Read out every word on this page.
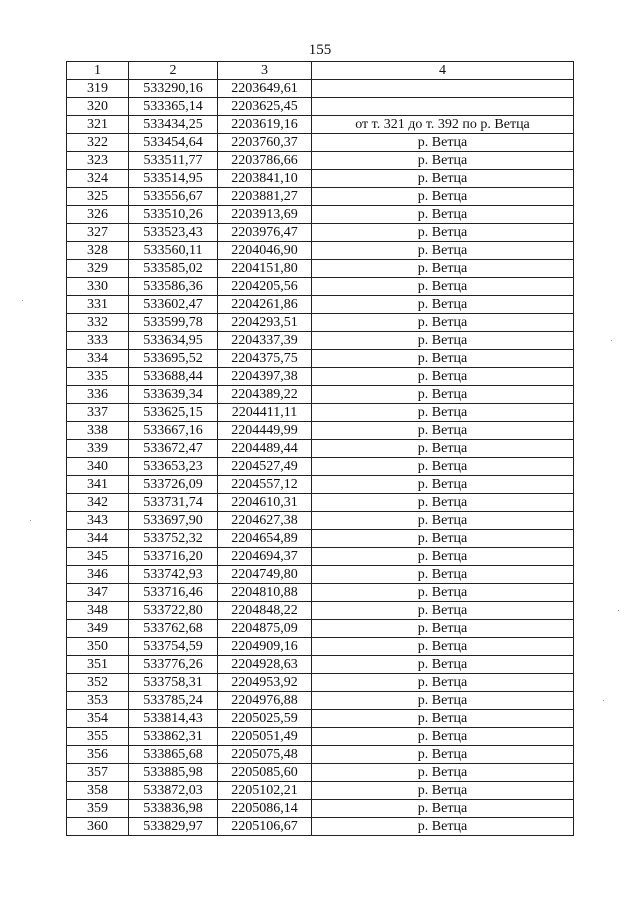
155
1	2	3	4
319	533290,16	2203649,61	
320	533365,14	2203625,45	
321	533434,25	2203619,16	от т. 321 до т. 392 по р. Ветца
322	533454,64	2203760,37	р. Ветца
323	533511,77	2203786,66	р. Ветца
324	533514,95	2203841,10	р. Ветца
325	533556,67	2203881,27	р. Ветца
326	533510,26	2203913,69	р. Ветца
327	533523,43	2203976,47	р. Ветца
328	533560,11	2204046,90	р. Ветца
329	533585,02	2204151,80	р. Ветца
330	533586,36	2204205,56	р. Ветца
331	533602,47	2204261,86	р. Ветца
332	533599,78	2204293,51	р. Ветца
333	533634,95	2204337,39	р. Ветца
334	533695,52	2204375,75	р. Ветца
335	533688,44	2204397,38	р. Ветца
336	533639,34	2204389,22	р. Ветца
337	533625,15	2204411,11	р. Ветца
338	533667,16	2204449,99	р. Ветца
339	533672,47	2204489,44	р. Ветца
340	533653,23	2204527,49	р. Ветца
341	533726,09	2204557,12	р. Ветца
342	533731,74	2204610,31	р. Ветца
343	533697,90	2204627,38	р. Ветца
344	533752,32	2204654,89	р. Ветца
345	533716,20	2204694,37	р. Ветца
346	533742,93	2204749,80	р. Ветца
347	533716,46	2204810,88	р. Ветца
348	533722,80	2204848,22	р. Ветца
349	533762,68	2204875,09	р. Ветца
350	533754,59	2204909,16	р. Ветца
351	533776,26	2204928,63	р. Ветца
352	533758,31	2204953,92	р. Ветца
353	533785,24	2204976,88	р. Ветца
354	533814,43	2205025,59	р. Ветца
355	533862,31	2205051,49	р. Ветца
356	533865,68	2205075,48	р. Ветца
357	533885,98	2205085,60	р. Ветца
358	533872,03	2205102,21	р. Ветца
359	533836,98	2205086,14	р. Ветца
360	533829,97	2205106,67	р. Ветца
